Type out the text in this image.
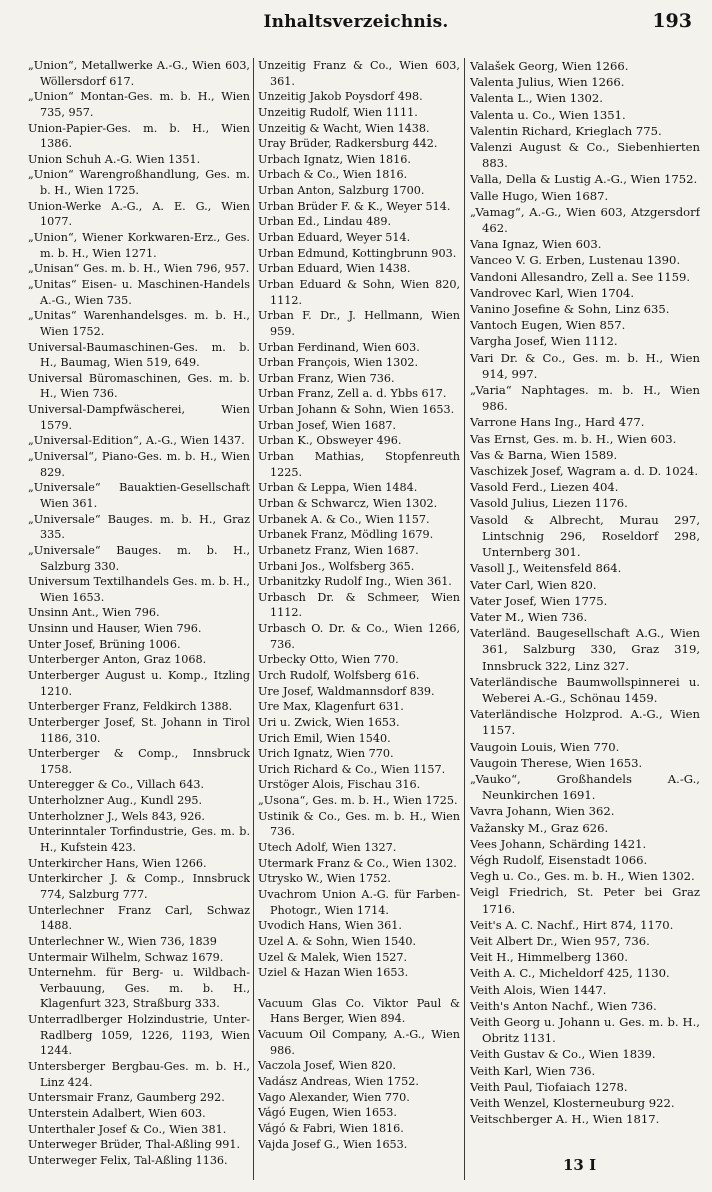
Inhaltsverzeichnis.	193
„Union“, Metallwerke A.-G., Wien 603, Wöllersdorf 617.
„Union“ Montan-Ges. m. b. H., Wien 735, 957.
Union-Papier-Ges. m. b. H., Wien 1386.
Union Schuh A.-G. Wien 1351.
„Union“ Warengroßhandlung, Ges. m. b. H., Wien 1725.
Union-Werke A.-G., A. E. G., Wien 1077.
„Union“, Wiener Korkwaren-Erz., Ges. m. b. H., Wien 1271.
„Unisan“ Ges. m. b. H., Wien 796, 957.
„Unitas“ Eisen- u. Maschinen-Handels A.-G., Wien 735.
„Unitas“ Warenhandelsges. m. b. H., Wien 1752.
Universal-Baumaschinen-Ges. m. b. H., Baumag, Wien 519, 649.
Universal Büromaschinen, Ges. m. b. H., Wien 736.
Universal-Dampfwäscherei, Wien 1579.
„Universal-Edition“, A.-G., Wien 1437.
„Universal“, Piano-Ges. m. b. H., Wien 829.
„Universale“ Bauaktien-Gesellschaft Wien 361.
„Universale“ Bauges. m. b. H., Graz 335.
„Universale“ Bauges. m. b. H., Salzburg 330.
Universum Textilhandels Ges. m. b. H., Wien 1653.
Unsinn Ant., Wien 796.
Unsinn und Hauser, Wien 796.
Unter Josef, Brüning 1006.
Unterberger Anton, Graz 1068.
Unterberger August u. Komp., Itzling 1210.
Unterberger Franz, Feldkirch 1388.
Unterberger Josef, St. Johann in Tirol 1186, 310.
Unterberger & Comp., Innsbruck 1758.
Unteregger & Co., Villach 643.
Unterholzner Aug., Kundl 295.
Unterholzner J., Wels 843, 926.
Unterinntaler Torfindustrie, Ges. m. b. H., Kufstein 423.
Unterkircher Hans, Wien 1266.
Unterkircher J. & Comp., Innsbruck 774, Salzburg 777.
Unterlechner Franz Carl, Schwaz 1488.
Unterlechner W., Wien 736, 1839
Untermair Wilhelm, Schwaz 1679.
Unternehm. für Berg- u. Wildbach-Verbauung, Ges. m. b. H., Klagenfurt 323, Straßburg 333.
Unterradlberger Holzindustrie, Unter-Radlberg 1059, 1226, 1193, Wien 1244.
Untersberger Bergbau-Ges. m. b. H., Linz 424.
Untersmair Franz, Gaumberg 292.
Unterstein Adalbert, Wien 603.
Unterthaler Josef & Co., Wien 381.
Unterweger Brüder, Thal-Aßling 991.
Unterweger Felix, Tal-Aßling 1136.
Unzeitig Franz & Co., Wien 603, 361.
Unzeitig Jakob Poysdorf 498.
Unzeitig Rudolf, Wien 1111.
Unzeitig & Wacht, Wien 1438.
Uray Brüder, Radkersburg 442.
Urbach Ignatz, Wien 1816.
Urbach & Co., Wien 1816.
Urban Anton, Salzburg 1700.
Urban Brüder F. & K., Weyer 514.
Urban Ed., Lindau 489.
Urban Eduard, Weyer 514.
Urban Edmund, Kottingbrunn 903.
Urban Eduard, Wien 1438.
Urban Eduard & Sohn, Wien 820, 1112.
Urban F. Dr., J. Hellmann, Wien 959.
Urban Ferdinand, Wien 603.
Urban François, Wien 1302.
Urban Franz, Wien 736.
Urban Franz, Zell a. d. Ybbs 617.
Urban Johann & Sohn, Wien 1653.
Urban Josef, Wien 1687.
Urban K., Obsweyer 496.
Urban Mathias, Stopfenreuth 1225.
Urban & Leppa, Wien 1484.
Urban & Schwarcz, Wien 1302.
Urbanek A. & Co., Wien 1157.
Urbanek Franz, Mödling 1679.
Urbanetz Franz, Wien 1687.
Urbani Jos., Wolfsberg 365.
Urbanitzky Rudolf Ing., Wien 361.
Urbasch Dr. & Schmeer, Wien 1112.
Urbasch O. Dr. & Co., Wien 1266, 736.
Urbecky Otto, Wien 770.
Urch Rudolf, Wolfsberg 616.
Ure Josef, Waldmannsdorf 839.
Ure Max, Klagenfurt 631.
Uri u. Zwick, Wien 1653.
Urich Emil, Wien 1540.
Urich Ignatz, Wien 770.
Urich Richard & Co., Wien 1157.
Urstöger Alois, Fischau 316.
„Usona“, Ges. m. b. H., Wien 1725.
Ustinik & Co., Ges. m. b. H., Wien 736.
Utech Adolf, Wien 1327.
Utermark Franz & Co., Wien 1302.
Utrysko W., Wien 1752.
Uvachrom Union A.-G. für Farben-Photogr., Wien 1714.
Uvodich Hans, Wien 361.
Uzel A. & Sohn, Wien 1540.
Uzel & Malek, Wien 1527.
Uziel & Hazan Wien 1653.
Vacuum Glas Co. Viktor Paul & Hans Berger, Wien 894.
Vacuum Oil Company, A.-G., Wien 986.
Vaczola Josef, Wien 820.
Vadász Andreas, Wien 1752.
Vago Alexander, Wien 770.
Vágó Eugen, Wien 1653.
Vágó & Fabri, Wien 1816.
Vajda Josef G., Wien 1653.
Valašek Georg, Wien 1266.
Valenta Julius, Wien 1266.
Valenta L., Wien 1302.
Valenta u. Co., Wien 1351.
Valentin Richard, Krieglach 775.
Valenzi August & Co., Siebenhierten 883.
Valla, Della & Lustig A.-G., Wien 1752.
Valle Hugo, Wien 1687.
„Vamag“, A.-G., Wien 603, Atzgersdorf 462.
Vana Ignaz, Wien 603.
Vanceo V. G. Erben, Lustenau 1390.
Vandoni Allesandro, Zell a. See 1159.
Vandrovec Karl, Wien 1704.
Vanino Josefine & Sohn, Linz 635.
Vantoch Eugen, Wien 857.
Vargha Josef, Wien 1112.
Vari Dr. & Co., Ges. m. b. H., Wien 914, 997.
„Varia“ Naphtages. m. b. H., Wien 986.
Varrone Hans Ing., Hard 477.
Vas Ernst, Ges. m. b. H., Wien 603.
Vas & Barna, Wien 1589.
Vaschizek Josef, Wagram a. d. D. 1024.
Vasold Ferd., Liezen 404.
Vasold Julius, Liezen 1176.
Vasold & Albrecht, Murau 297, Lintschnig 296, Roseldorf 298, Unternberg 301.
Vasoll J., Weitensfeld 864.
Vater Carl, Wien 820.
Vater Josef, Wien 1775.
Vater M., Wien 736.
Vaterländ. Baugesellschaft A.G., Wien 361, Salzburg 330, Graz 319, Innsbruck 322, Linz 327.
Vaterländische Baumwollspinnerei u. Weberei A.-G., Schönau 1459.
Vaterländische Holzprod. A.-G., Wien 1157.
Vaugoin Louis, Wien 770.
Vaugoin Therese, Wien 1653.
„Vauko“, Großhandels A.-G., Neunkirchen 1691.
Vavra Johann, Wien 362.
Važansky M., Graz 626.
Vees Johann, Schärding 1421.
Végh Rudolf, Eisenstadt 1066.
Vegh u. Co., Ges. m. b. H., Wien 1302.
Veigl Friedrich, St. Peter bei Graz 1716.
Veit's A. C. Nachf., Hirt 874, 1170.
Veit Albert Dr., Wien 957, 736.
Veit H., Himmelberg 1360.
Veith A. C., Micheldorf 425, 1130.
Veith Alois, Wien 1447.
Veith's Anton Nachf., Wien 736.
Veith Georg u. Johann u. Ges. m. b. H., Obritz 1131.
Veith Gustav & Co., Wien 1839.
Veith Karl, Wien 736.
Veith Paul, Tiofaiach 1278.
Veith Wenzel, Klosterneuburg 922.
Veitschberger A. H., Wien 1817.
13 I
